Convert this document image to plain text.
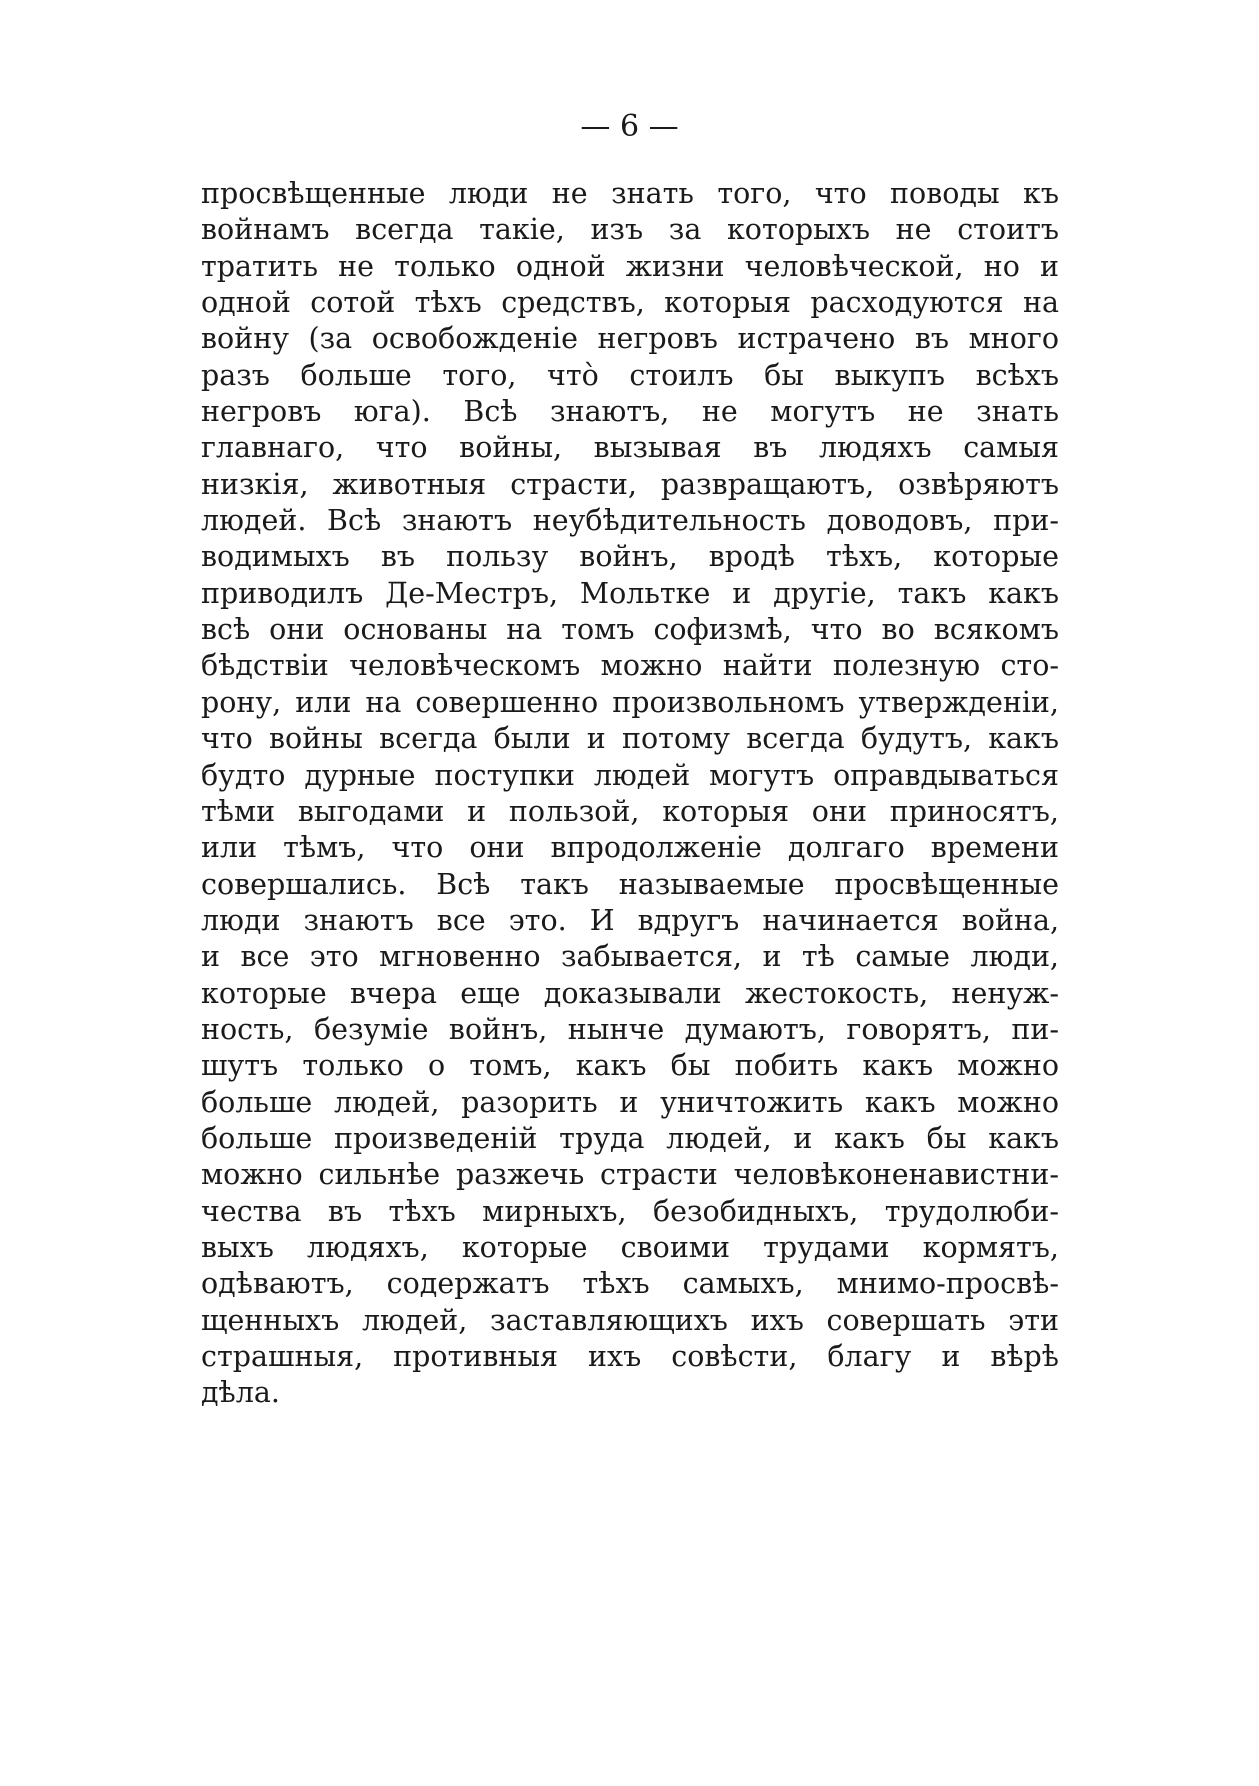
— 6 —
просвѣщенные люди не знать того, что поводы къ
войнамъ всегда такіе, изъ за которыхъ не стоитъ
тратить не только одной жизни человѣческой, но и
одной сотой тѣхъ средствъ, которыя расходуются на
войну (за освобожденіе негровъ истрачено въ много
разъ больше того, что̀ стоилъ бы выкупъ всѣхъ
негровъ юга). Всѣ знаютъ, не могутъ не знать
главнаго, что войны, вызывая въ людяхъ самыя
низкія, животныя страсти, развращаютъ, озвѣряютъ
людей. Всѣ знаютъ неубѣдительность доводовъ, при-
водимыхъ въ пользу войнъ, вродѣ тѣхъ, которые
приводилъ Де-Местръ, Мольтке и другіе, такъ какъ
всѣ они основаны на томъ софизмѣ, что во всякомъ
бѣдствіи человѣческомъ можно найти полезную сто-
рону, или на совершенно произвольномъ утвержденіи,
что войны всегда были и потому всегда будутъ, какъ
будто дурные поступки людей могутъ оправдываться
тѣми выгодами и пользой, которыя они приносятъ,
или тѣмъ, что они впродолженіе долгаго времени
совершались. Всѣ такъ называемые просвѣщенные
люди знаютъ все это. И вдругъ начинается война,
и все это мгновенно забывается, и тѣ самые люди,
которые вчера еще доказывали жестокость, ненуж-
ность, безуміе войнъ, нынче думаютъ, говорятъ, пи-
шутъ только о томъ, какъ бы побить какъ можно
больше людей, разорить и уничтожить какъ можно
больше произведеній труда людей, и какъ бы какъ
можно сильнѣе разжечь страсти человѣконенавистни-
чества въ тѣхъ мирныхъ, безобидныхъ, трудолюби-
выхъ людяхъ, которые своими трудами кормятъ,
одѣваютъ, содержатъ тѣхъ самыхъ, мнимо-просвѣ-
щенныхъ людей, заставляющихъ ихъ совершать эти
страшныя, противныя ихъ совѣсти, благу и вѣрѣ
дѣла.
